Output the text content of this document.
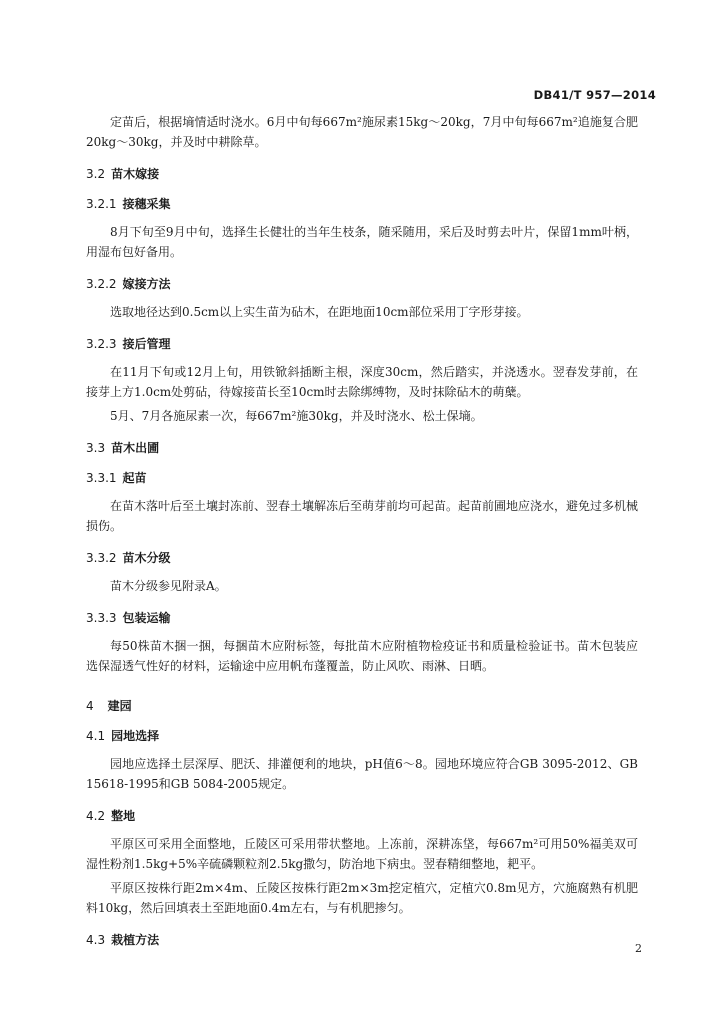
DB41/T 957—2014

定苗后，根据墒情适时浇水。6月中旬每667m²施尿素15kg～20kg，7月中旬每667m²追施复合肥20kg～30kg，并及时中耕除草。

3.2 苗木嫁接
3.2.1 接穗采集

8月下旬至9月中旬，选择生长健壮的当年生枝条，随采随用，采后及时剪去叶片，保留1mm叶柄，用湿布包好备用。

3.2.2 嫁接方法

选取地径达到0.5cm以上实生苗为砧木，在距地面10cm部位采用丁字形芽接。

3.2.3 接后管理

在11月下旬或12月上旬，用铁锨斜插断主根，深度30cm，然后踏实，并浇透水。翌春发芽前，在接芽上方1.0cm处剪砧，待嫁接苗长至10cm时去除绑缚物，及时抹除砧木的萌蘖。

5月、7月各施尿素一次，每667m²施30kg，并及时浇水、松土保墒。

3.3 苗木出圃
3.3.1 起苗

在苗木落叶后至土壤封冻前、翌春土壤解冻后至萌芽前均可起苗。起苗前圃地应浇水，避免过多机械损伤。

3.3.2 苗木分级

苗木分级参见附录A。

3.3.3 包装运输

每50株苗木捆一捆，每捆苗木应附标签，每批苗木应附植物检疫证书和质量检验证书。苗木包装应选保湿透气性好的材料，运输途中应用帆布蓬覆盖，防止风吹、雨淋、日晒。

4 建园
4.1 园地选择

园地应选择土层深厚、肥沃、排灌便利的地块，pH值6～8。园地环境应符合GB 3095-2012、GB 15618-1995和GB 5084-2005规定。

4.2 整地

平原区可采用全面整地，丘陵区可采用带状整地。上冻前，深耕冻垡，每667m²可用50%福美双可湿性粉剂1.5kg+5%辛硫磷颗粒剂2.5kg撒匀，防治地下病虫。翌春精细整地，耙平。

平原区按株行距2m×4m、丘陵区按株行距2m×3m挖定植穴，定植穴0.8m见方，穴施腐熟有机肥料10kg，然后回填表土至距地面0.4m左右，与有机肥掺匀。

4.3 栽植方法
2
